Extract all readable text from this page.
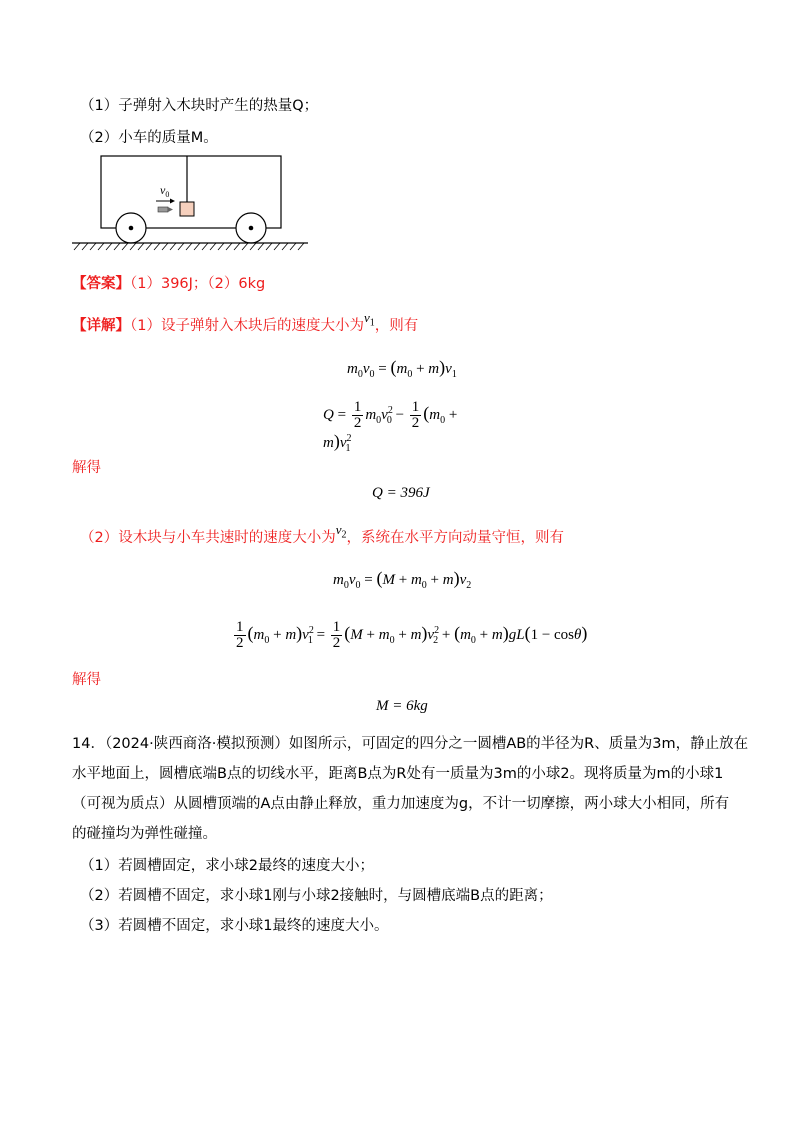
（1）子弹射入木块时产生的热量Q；
（2）小车的质量M。
$v_0$
【答案】（1）396J；（2）6kg
【详解】（1）设子弹射入木块后的速度大小为$v_1$，则有
$m_0v_0 = (m_0 + m)v_1$
$Q = \frac{1}{2} m_0v^2_0 - \frac{1}{2} (m_0 + m)v^2_1$
解得
Q = 396J
（2）设木块与小车共速时的速度大小为$v_2$，系统在水平方向动量守恒，则有
$m_0v_0 = (M + m_0 + m)v_2$
$\frac{1}{2} (m_0 + m)v^2_1 = \frac{1}{2} (M + m_0 + m)v^2_2 + (m_0 + m)gL(1 - \cos\theta)$
解得
M = 6kg
14．（2024·陕西商洛·模拟预测）如图所示，可固定的四分之一圆槽AB的半径为R、质量为3m，静止放在
水平地面上，圆槽底端B点的切线水平，距离B点为R处有一质量为3m的小球2。现将质量为m的小球1
（可视为质点）从圆槽顶端的A点由静止释放，重力加速度为g，不计一切摩擦，两小球大小相同，所有
的碰撞均为弹性碰撞。
（1）若圆槽固定，求小球2最终的速度大小；
（2）若圆槽不固定，求小球1刚与小球2接触时，与圆槽底端B点的距离；
（3）若圆槽不固定，求小球1最终的速度大小。
